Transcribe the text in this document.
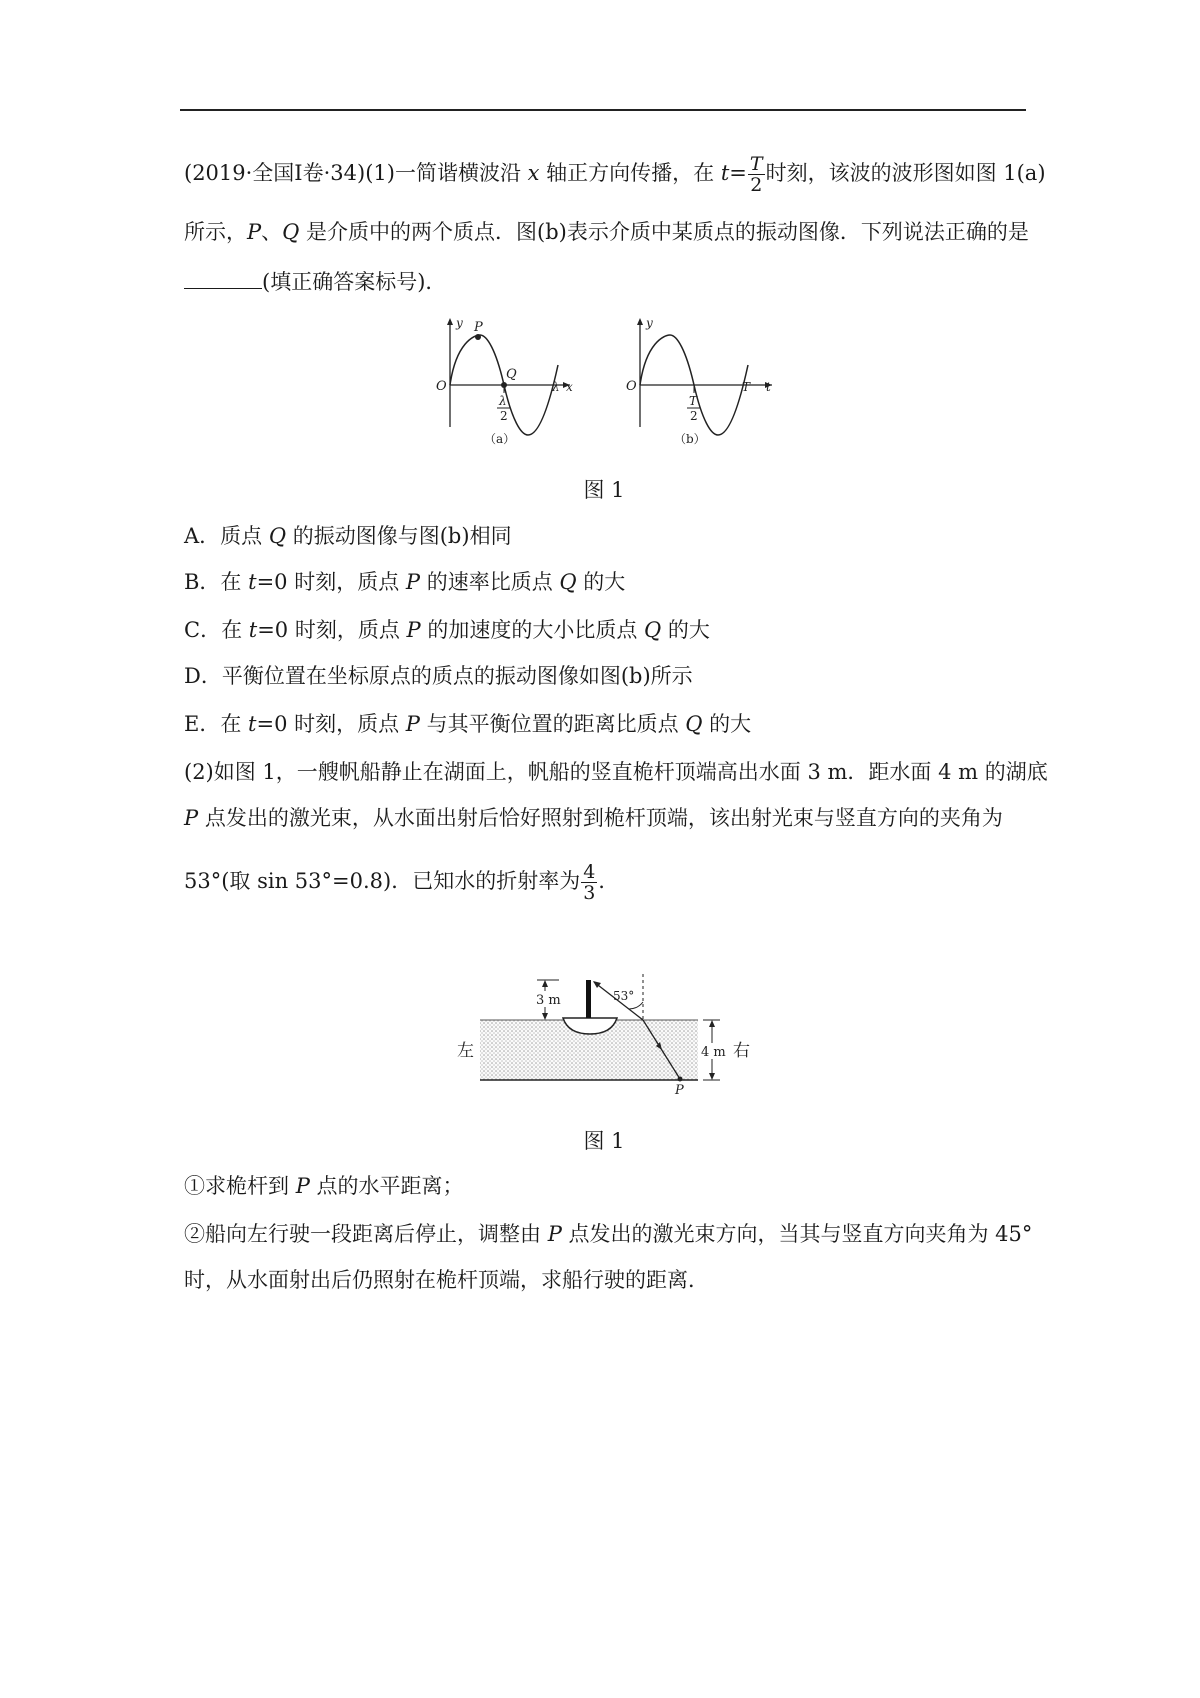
(2019·全国Ⅰ卷·34)(1)一简谐横波沿 x 轴正方向传播，在 $t= \frac{T}{2}$ 时刻，该波的波形图如图 1(a)
所示，P、Q 是介质中的两个质点．图(b)表示介质中某质点的振动图像．下列说法正确的是
(填正确答案标号)．
y P
Q
O
λ
2
λ x
（a）
y
O
T
2
T t
（b）
图 1
A．质点 Q 的振动图像与图(b)相同
B．在 t=0 时刻，质点 P 的速率比质点 Q 的大
C．在 t=0 时刻，质点 P 的加速度的大小比质点 Q 的大
D．平衡位置在坐标原点的质点的振动图像如图(b)所示
E．在 t=0 时刻，质点 P 与其平衡位置的距离比质点 Q 的大
(2)如图 1，一艘帆船静止在湖面上，帆船的竖直桅杆顶端高出水面 3 m．距水面 4 m 的湖底
P 点发出的激光束，从水面出射后恰好照射到桅杆顶端，该出射光束与竖直方向的夹角为
53°(取 sin 53°=0.8)．已知水的折射率为 $\frac{4}{3}$ .
3 m	53°
4 m
左	右
P
图 1
①求桅杆到 P 点的水平距离；
②船向左行驶一段距离后停止，调整由 P 点发出的激光束方向，当其与竖直方向夹角为 45°
时，从水面射出后仍照射在桅杆顶端，求船行驶的距离．
